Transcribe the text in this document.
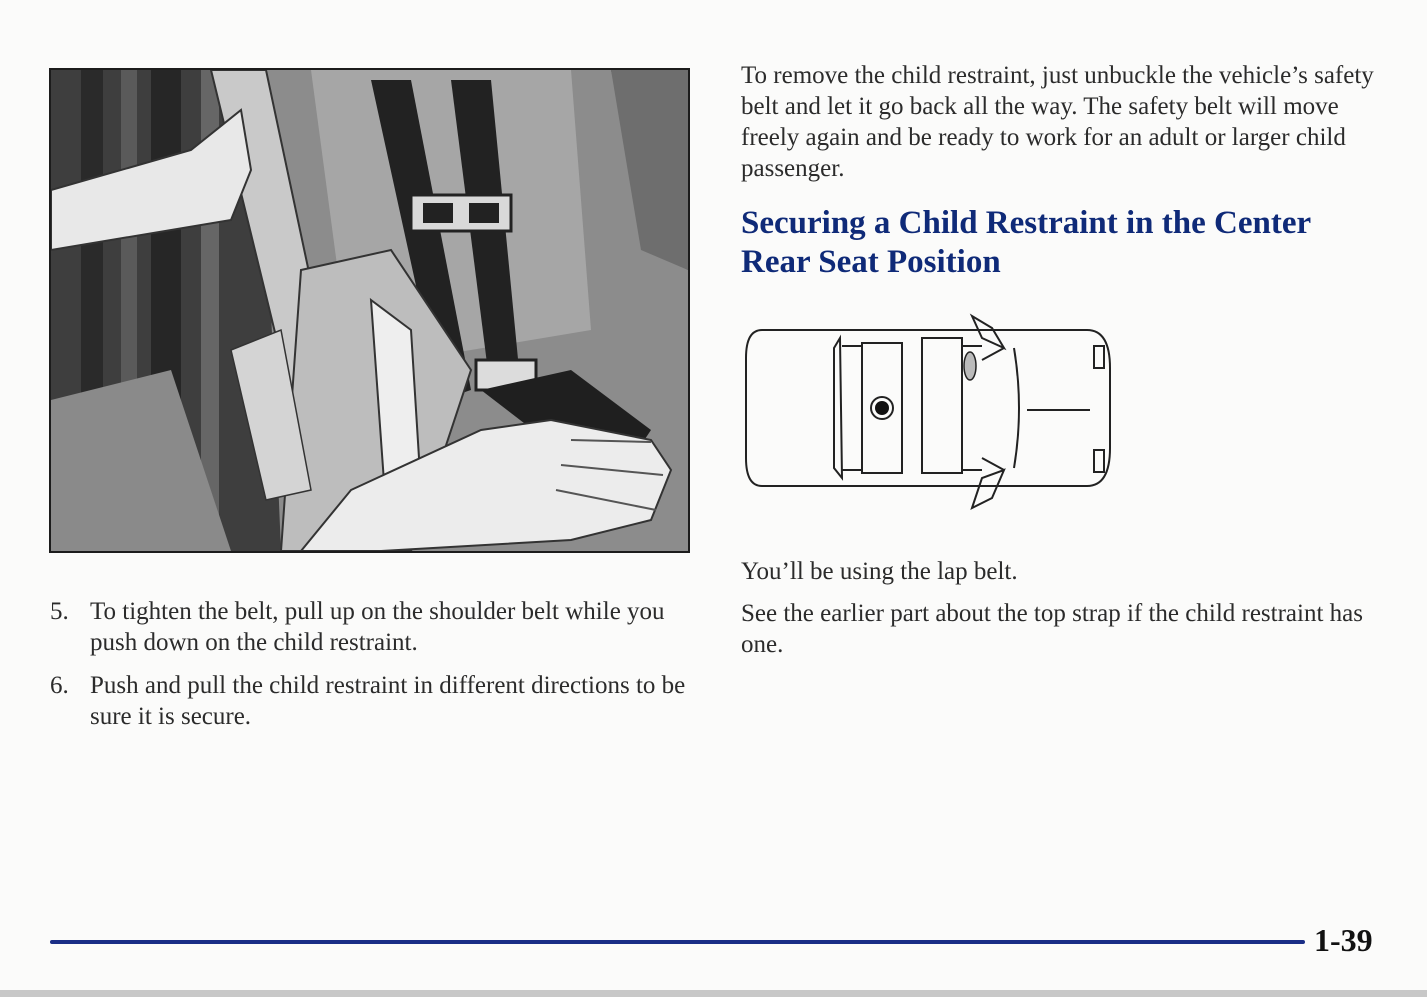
5. To tighten the belt, pull up on the shoulder belt while you push down on the child restraint.
6. Push and pull the child restraint in different directions to be sure it is secure.

To remove the child restraint, just unbuckle the vehicle’s safety belt and let it go back all the way. The safety belt will move freely again and be ready to work for an adult or larger child passenger.

Securing a Child Restraint in the Center Rear Seat Position

You’ll be using the lap belt.

See the earlier part about the top strap if the child restraint has one.

1-39
